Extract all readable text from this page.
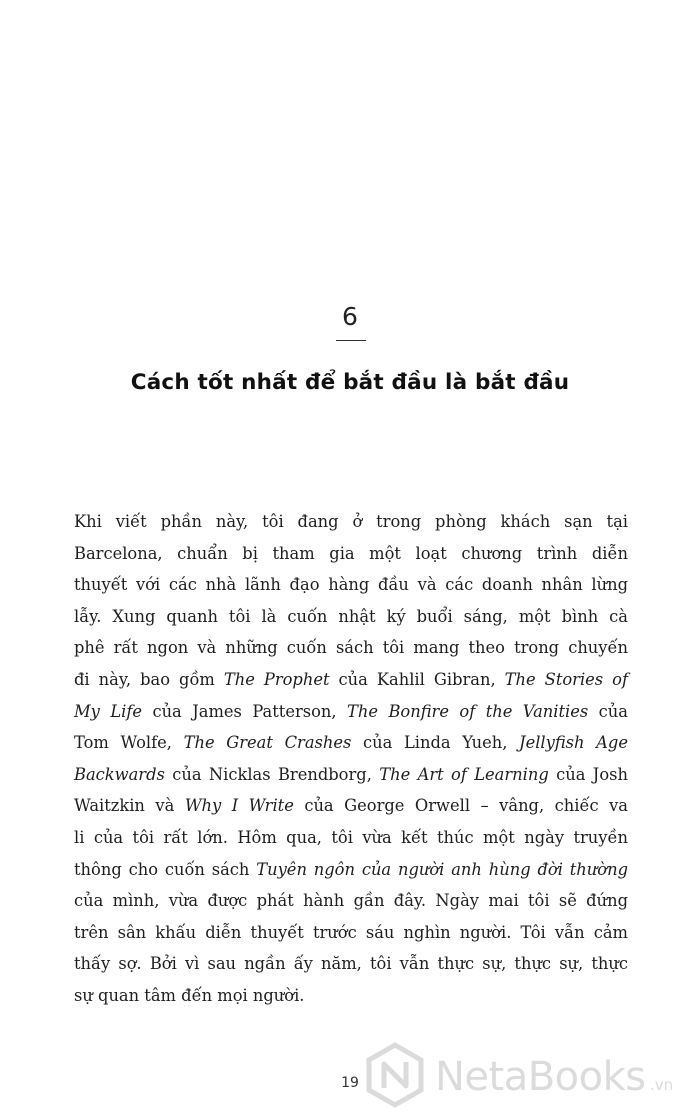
6
Cách tốt nhất để bắt đầu là bắt đầu
Khi viết phần này, tôi đang ở trong phòng khách sạn tại
Barcelona, chuẩn bị tham gia một loạt chương trình diễn
thuyết với các nhà lãnh đạo hàng đầu và các doanh nhân lừng
lẫy. Xung quanh tôi là cuốn nhật ký buổi sáng, một bình cà
phê rất ngon và những cuốn sách tôi mang theo trong chuyến
đi này, bao gồm The Prophet của Kahlil Gibran, The Stories of
My Life của James Patterson, The Bonfire of the Vanities của
Tom Wolfe, The Great Crashes của Linda Yueh, Jellyfish Age
Backwards của Nicklas Brendborg, The Art of Learning của Josh
Waitzkin và Why I Write của George Orwell – vâng, chiếc va
li của tôi rất lớn. Hôm qua, tôi vừa kết thúc một ngày truyền
thông cho cuốn sách Tuyên ngôn của người anh hùng đời thường
của mình, vừa được phát hành gần đây. Ngày mai tôi sẽ đứng
trên sân khấu diễn thuyết trước sáu nghìn người. Tôi vẫn cảm
thấy sợ. Bởi vì sau ngần ấy năm, tôi vẫn thực sự, thực sự, thực
sự quan tâm đến mọi người.
19 NetaBooks .vn
